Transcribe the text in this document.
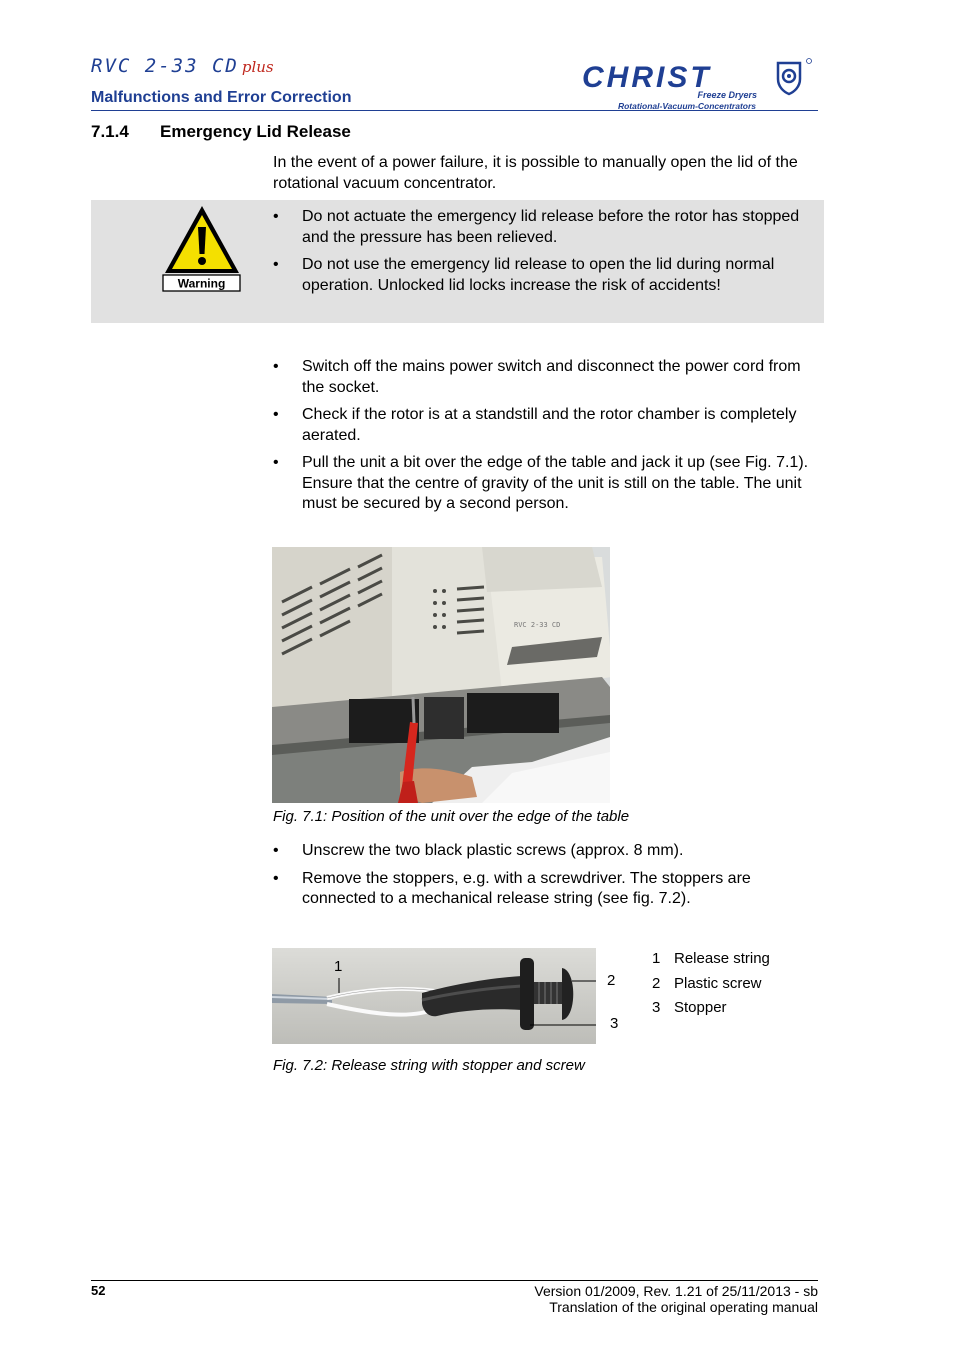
RVC 2-33 CD plus
Malfunctions and Error Correction
CHRIST
Freeze Dryers
Rotational-Vacuum-Concentrators
7.1.4 Emergency Lid Release
In the event of a power failure, it is possible to manually open the lid of the rotational vacuum concentrator.
Warning
• Do not actuate the emergency lid release before the rotor has stopped and the pressure has been relieved.
• Do not use the emergency lid release to open the lid during normal operation. Unlocked lid locks increase the risk of accidents!
• Switch off the mains power switch and disconnect the power cord from the socket.
• Check if the rotor is at a standstill and the rotor chamber is completely aerated.
• Pull the unit a bit over the edge of the table and jack it up (see Fig. 7.1). Ensure that the centre of gravity of the unit is still on the table. The unit must be secured by a second person.
RVC 2-33 CD
Fig. 7.1: Position of the unit over the edge of the table
• Unscrew the two black plastic screws (approx. 8 mm).
• Remove the stoppers, e.g. with a screwdriver. The stoppers are connected to a mechanical release string (see fig. 7.2).
1
2
3
1 Release string
2 Plastic screw
3 Stopper
Fig. 7.2: Release string with stopper and screw
52	Version 01/2009, Rev. 1.21 of 25/11/2013 - sb
Translation of the original operating manual
